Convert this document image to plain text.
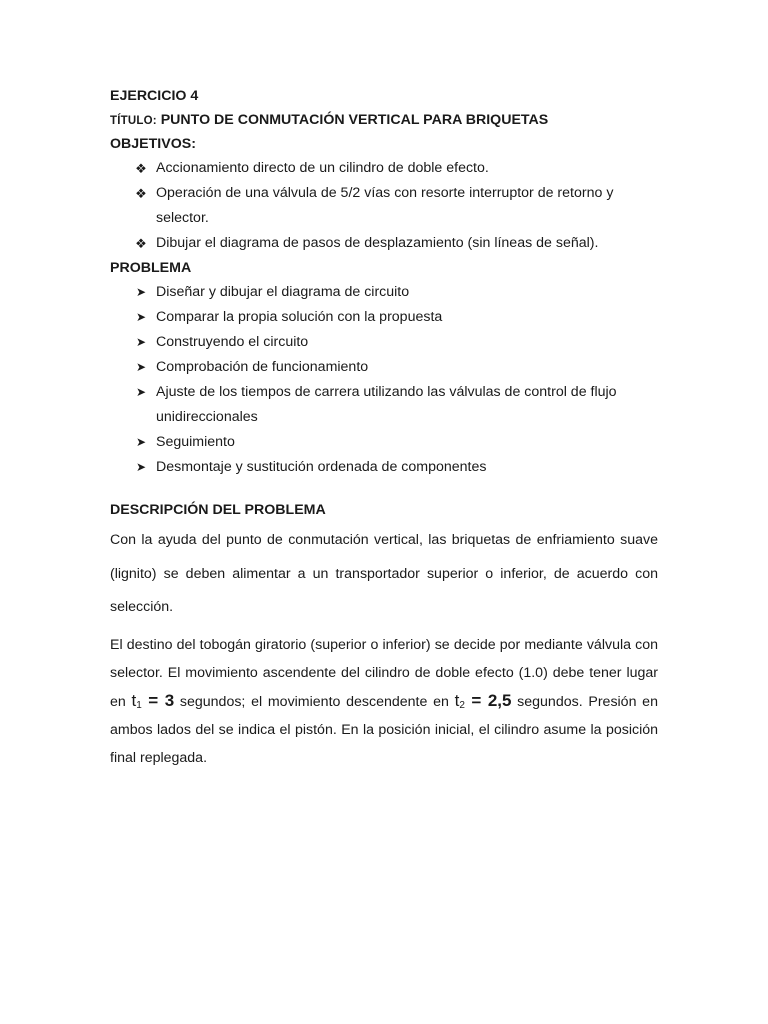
EJERCICIO 4
TÍTULO: PUNTO DE CONMUTACIÓN VERTICAL PARA BRIQUETAS
OBJETIVOS:
❖ Accionamiento directo de un cilindro de doble efecto.
❖ Operación de una válvula de 5/2 vías con resorte interruptor de retorno y selector.
❖ Dibujar el diagrama de pasos de desplazamiento (sin líneas de señal).
PROBLEMA
➤ Diseñar y dibujar el diagrama de circuito
➤ Comparar la propia solución con la propuesta
➤ Construyendo el circuito
➤ Comprobación de funcionamiento
➤ Ajuste de los tiempos de carrera utilizando las válvulas de control de flujo unidireccionales
➤ Seguimiento
➤ Desmontaje y sustitución ordenada de componentes
DESCRIPCIÓN DEL PROBLEMA

Con la ayuda del punto de conmutación vertical, las briquetas de enfriamiento suave (lignito) se deben alimentar a un transportador superior o inferior, de acuerdo con selección.

El destino del tobogán giratorio (superior o inferior) se decide por mediante válvula con selector. El movimiento ascendente del cilindro de doble efecto (1.0) debe tener lugar en $t_1 = 3$ segundos; el movimiento descendente en $t_2 = 2,5$ segundos. Presión en ambos lados del se indica el pistón. En la posición inicial, el cilindro asume la posición final replegada.
